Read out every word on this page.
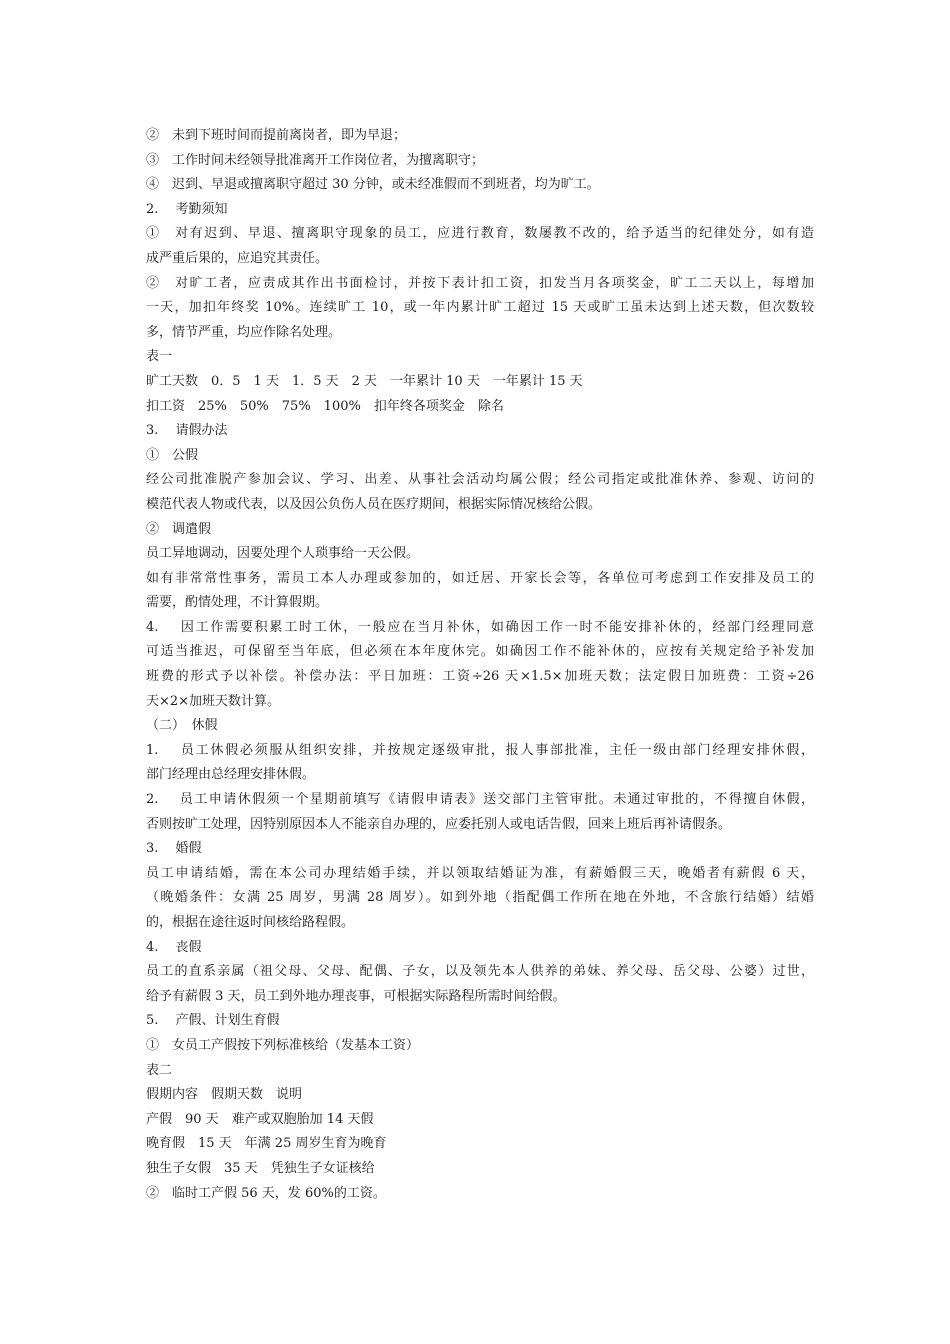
②　未到下班时间而提前离岗者，即为早退；
③　工作时间未经领导批准离开工作岗位者，为擅离职守；
④　迟到、早退或擅离职守超过 30 分钟，或未经准假而不到班者，均为旷工。
2.　 考勤须知
①　对有迟到、早退、擅离职守现象的员工，应进行教育，数屡教不改的，给予适当的纪律处分，如有造
成严重后果的，应追究其责任。
②　对旷工者，应责成其作出书面检讨，并按下表计扣工资，扣发当月各项奖金，旷工二天以上，每增加
一天，加扣年终奖 10%。连续旷工 10，或一年内累计旷工超过 15 天或旷工虽未达到上述天数，但次数较
多，情节严重，均应作除名处理。
表一
旷工天数　0．5　1 天　1．5 天　2 天　一年累计 10 天　一年累计 15 天
扣工资　25%　50%　75%　100%　扣年终各项奖金　除名
3.　 请假办法
①　公假
经公司批准脱产参加会议、学习、出差、从事社会活动均属公假；经公司指定或批准休养、参观、访问的
模范代表人物或代表，以及因公负伤人员在医疗期间，根据实际情况核给公假。
②　调遣假
员工异地调动，因要处理个人琐事给一天公假。
如有非常常性事务，需员工本人办理或参加的，如迁居、开家长会等，各单位可考虑到工作安排及员工的
需要，酌情处理，不计算假期。
4.　 因工作需要积累工时工休，一般应在当月补休，如确因工作一时不能安排补休的，经部门经理同意
可适当推迟，可保留至当年底，但必须在本年度休完。如确因工作不能补休的，应按有关规定给予补发加
班费的形式予以补偿。补偿办法：平日加班：工资÷26 天×1.5×加班天数；法定假日加班费：工资÷26
天×2×加班天数计算。
（二）　休假
1.　 员工休假必须服从组织安排，并按规定逐级审批，报人事部批准，主任一级由部门经理安排休假，
部门经理由总经理安排休假。
2.　 员工申请休假须一个星期前填写《请假申请表》送交部门主管审批。未通过审批的，不得擅自休假，
否则按旷工处理，因特别原因本人不能亲自办理的，应委托别人或电话告假，回来上班后再补请假条。
3.　 婚假
员工申请结婚，需在本公司办理结婚手续，并以领取结婚证为准，有薪婚假三天，晚婚者有薪假 6 天，
（晚婚条件：女满 25 周岁，男满 28 周岁）。如到外地（指配偶工作所在地在外地，不含旅行结婚）结婚
的，根据在途往返时间核给路程假。
4.　 丧假
员工的直系亲属（祖父母、父母、配偶、子女，以及领先本人供养的弟妹、养父母、岳父母、公婆）过世，
给予有薪假 3 天，员工到外地办理丧事，可根据实际路程所需时间给假。
5.　 产假、计划生育假
①　女员工产假按下列标准核给（发基本工资）
表二
假期内容　假期天数　说明
产假　90 天　难产或双胞胎加 14 天假
晚育假　15 天　年满 25 周岁生育为晚育
独生子女假　35 天　凭独生子女证核给
②　临时工产假 56 天，发 60%的工资。
